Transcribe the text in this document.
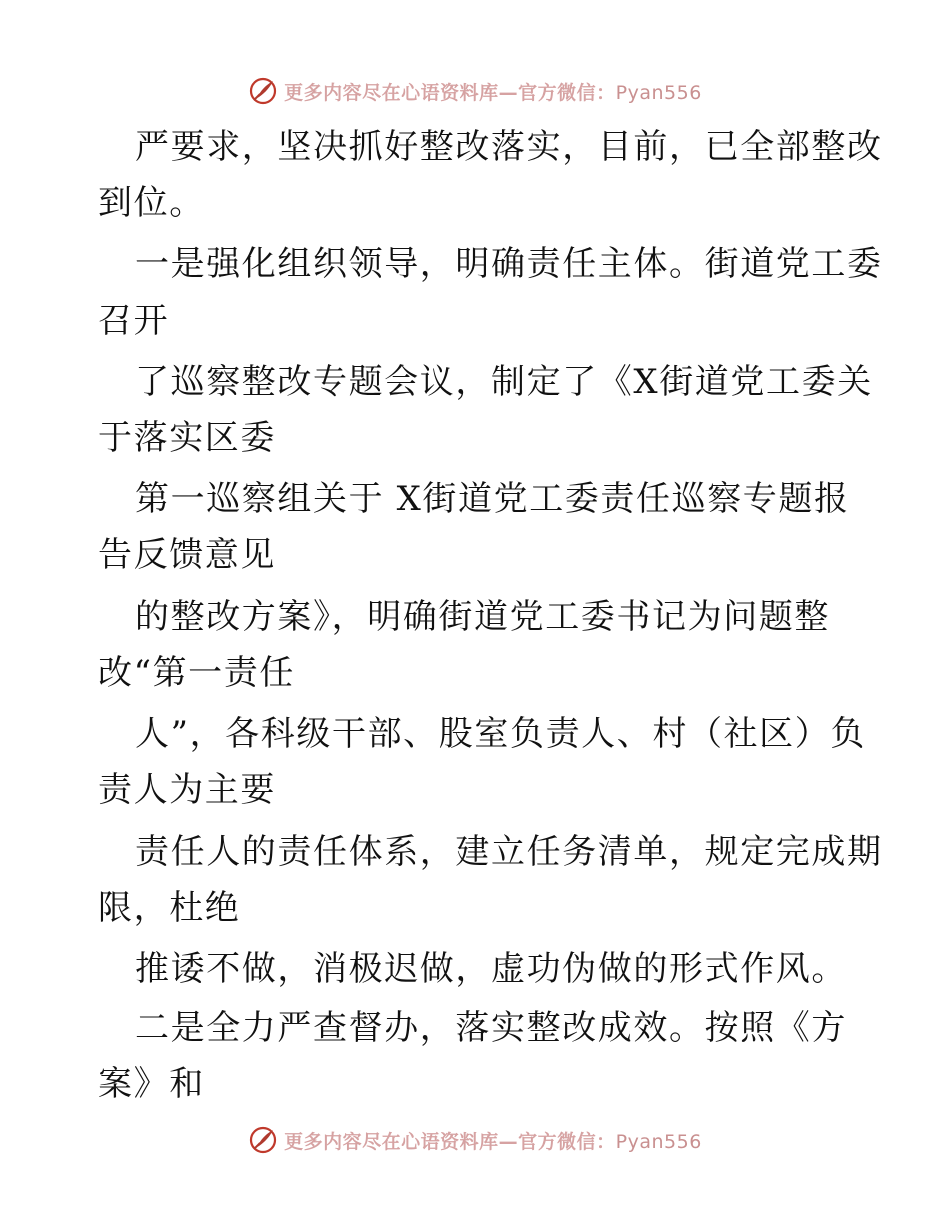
更多内容尽在心语资料库—官方微信：Pyan556
严要求，坚决抓好整改落实，目前，已全部整改
到位。
一是强化组织领导，明确责任主体。街道党工委
召开
了巡察整改专题会议，制定了《X街道党工委关
于落实区委
第一巡察组关于 X街道党工委责任巡察专题报
告反馈意见
的整改方案》，明确街道党工委书记为问题整
改“第一责任
人”，各科级干部、股室负责人、村（社区）负
责人为主要
责任人的责任体系，建立任务清单，规定完成期
限，杜绝
推诿不做，消极迟做，虚功伪做的形式作风。
二是全力严查督办，落实整改成效。按照《方
案》和
更多内容尽在心语资料库—官方微信：Pyan556
